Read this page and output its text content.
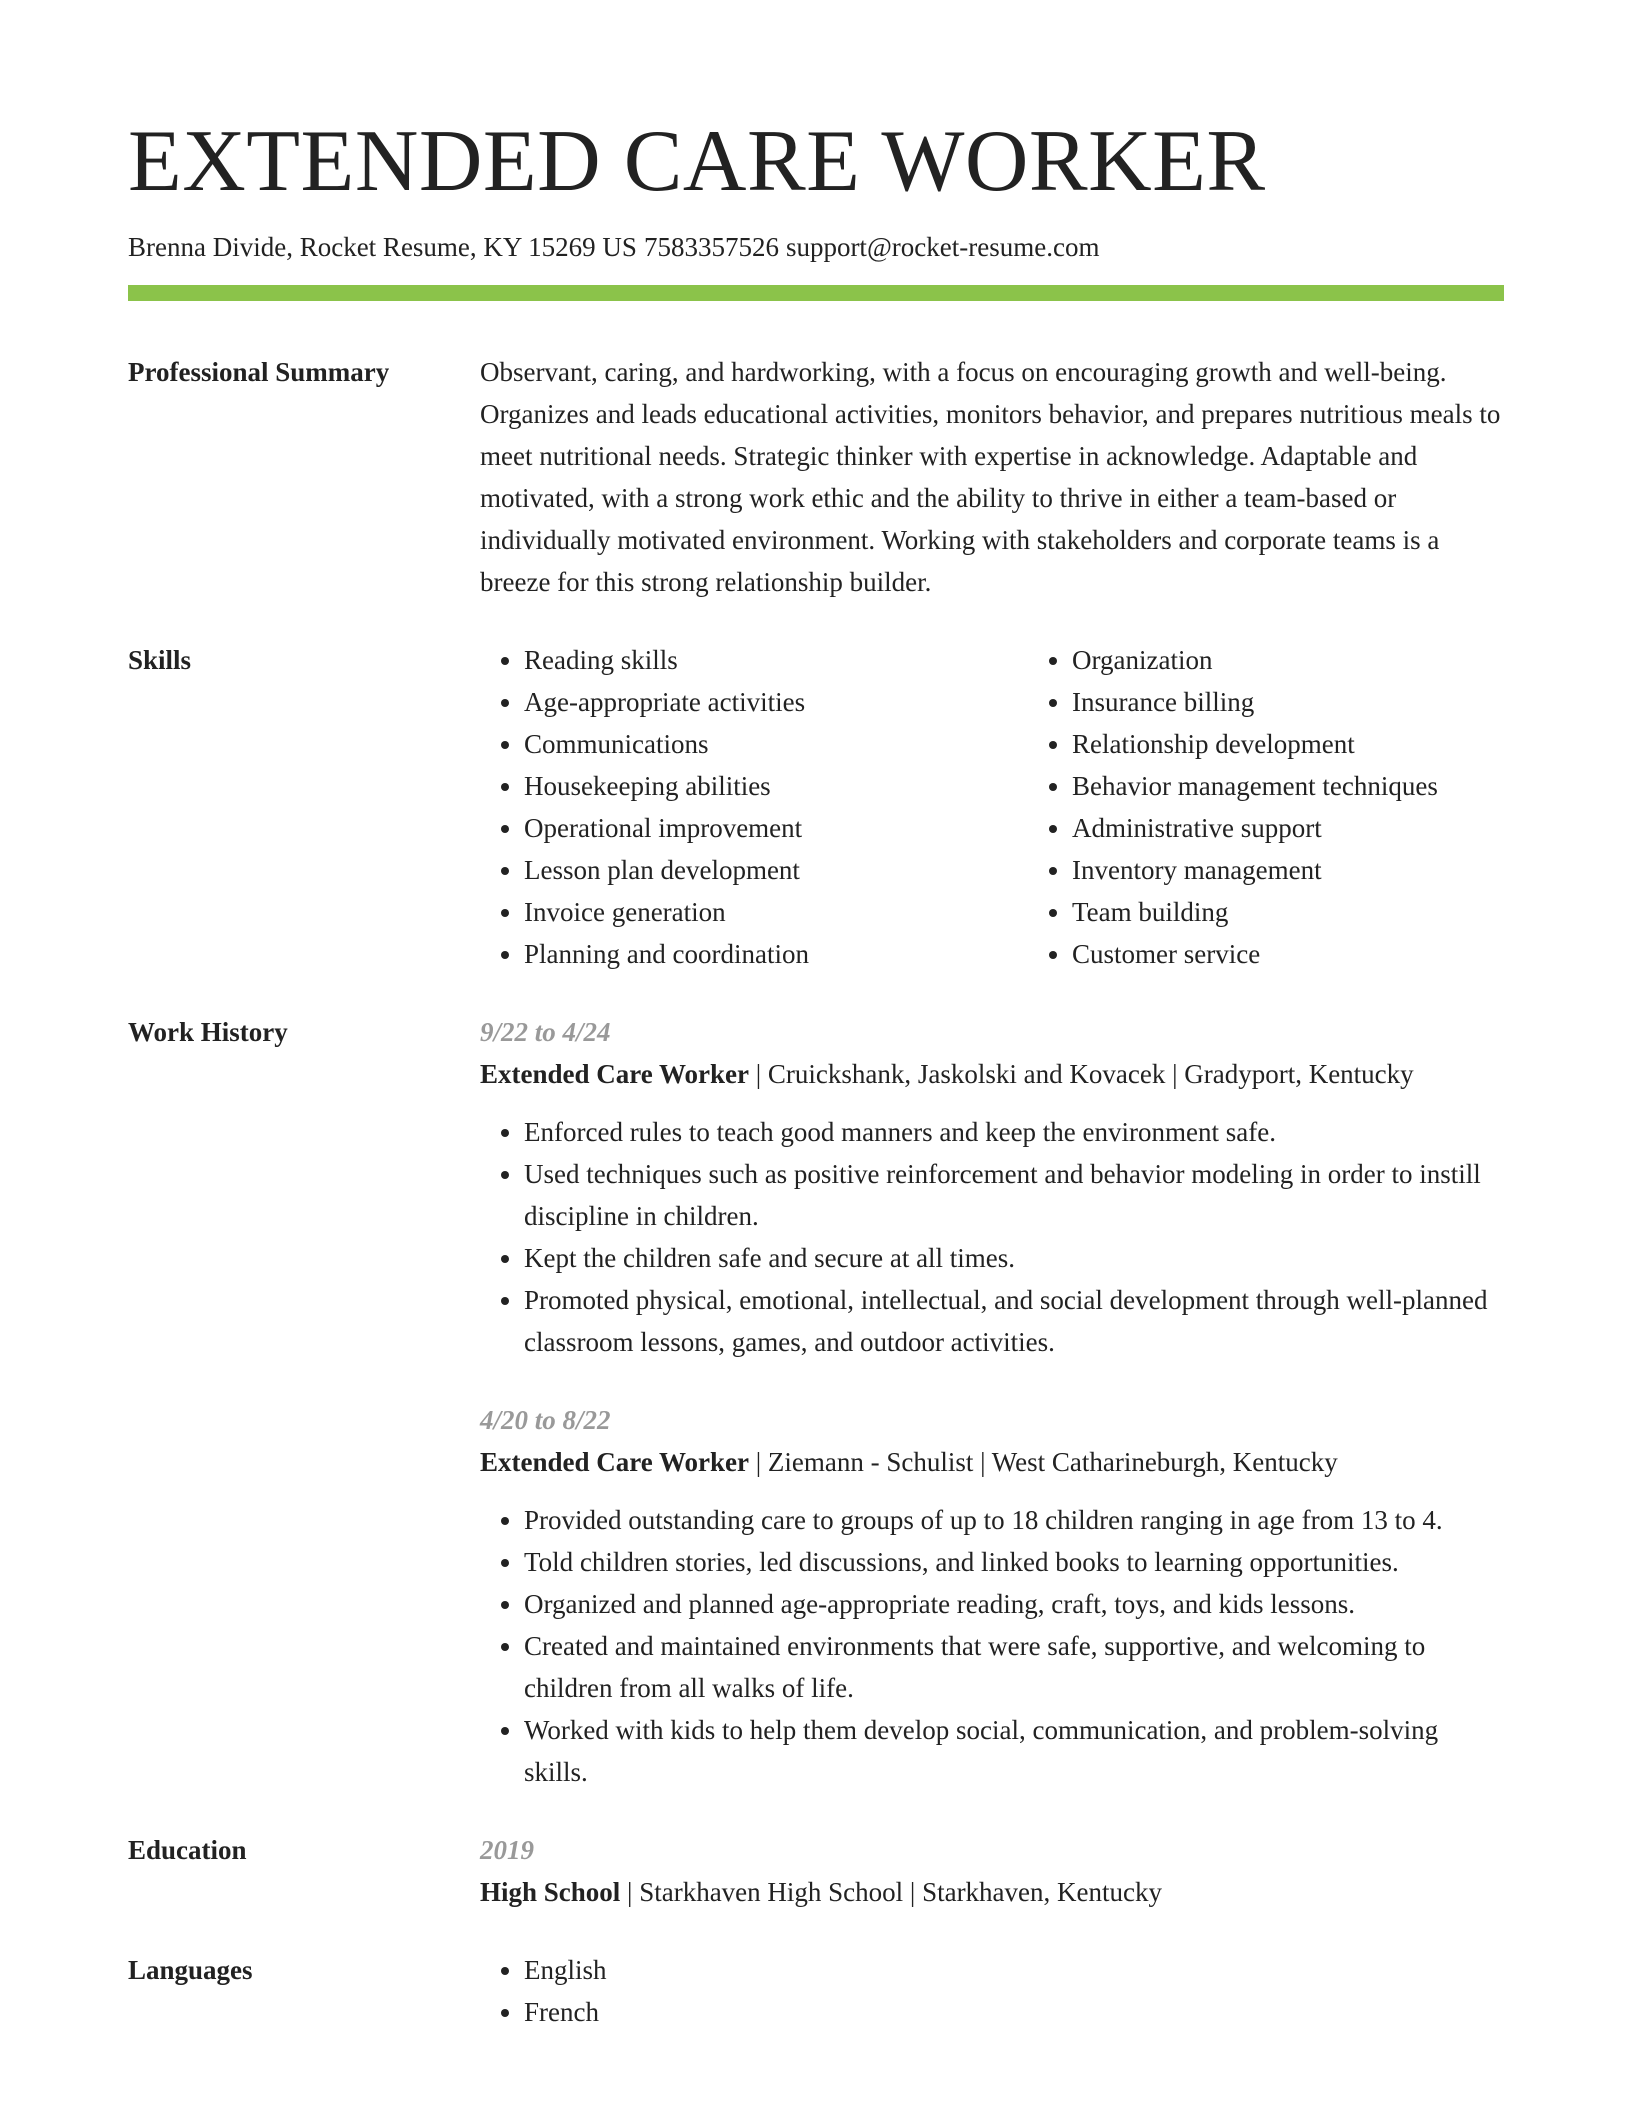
EXTENDED CARE WORKER
Brenna Divide, Rocket Resume, KY 15269 US 7583357526 support@rocket-resume.com
Professional Summary	Observant, caring, and hardworking, with a focus on encouraging growth and well-being. Organizes and leads educational activities, monitors behavior, and prepares nutritious meals to meet nutritional needs. Strategic thinker with expertise in acknowledge. Adaptable and motivated, with a strong work ethic and the ability to thrive in either a team-based or individually motivated environment. Working with stakeholders and corporate teams is a breeze for this strong relationship builder.

Skills	• Reading skills
• Age-appropriate activities
• Communications
• Housekeeping abilities
• Operational improvement
• Lesson plan development
• Invoice generation
• Planning and coordination
• Organization
• Insurance billing
• Relationship development
• Behavior management techniques
• Administrative support
• Inventory management
• Team building
• Customer service
Work History	9/22 to 4/24
Extended Care Worker | Cruickshank, Jaskolski and Kovacek | Gradyport, Kentucky
• Enforced rules to teach good manners and keep the environment safe.
• Used techniques such as positive reinforcement and behavior modeling in order to instill discipline in children.
• Kept the children safe and secure at all times.
• Promoted physical, emotional, intellectual, and social development through well-planned classroom lessons, games, and outdoor activities.
4/20 to 8/22
Extended Care Worker | Ziemann - Schulist | West Catharineburgh, Kentucky
• Provided outstanding care to groups of up to 18 children ranging in age from 13 to 4.
• Told children stories, led discussions, and linked books to learning opportunities.
• Organized and planned age-appropriate reading, craft, toys, and kids lessons.
• Created and maintained environments that were safe, supportive, and welcoming to children from all walks of life.
• Worked with kids to help them develop social, communication, and problem-solving skills.
Education	2019
High School | Starkhaven High School | Starkhaven, Kentucky
Languages	• English
• French
